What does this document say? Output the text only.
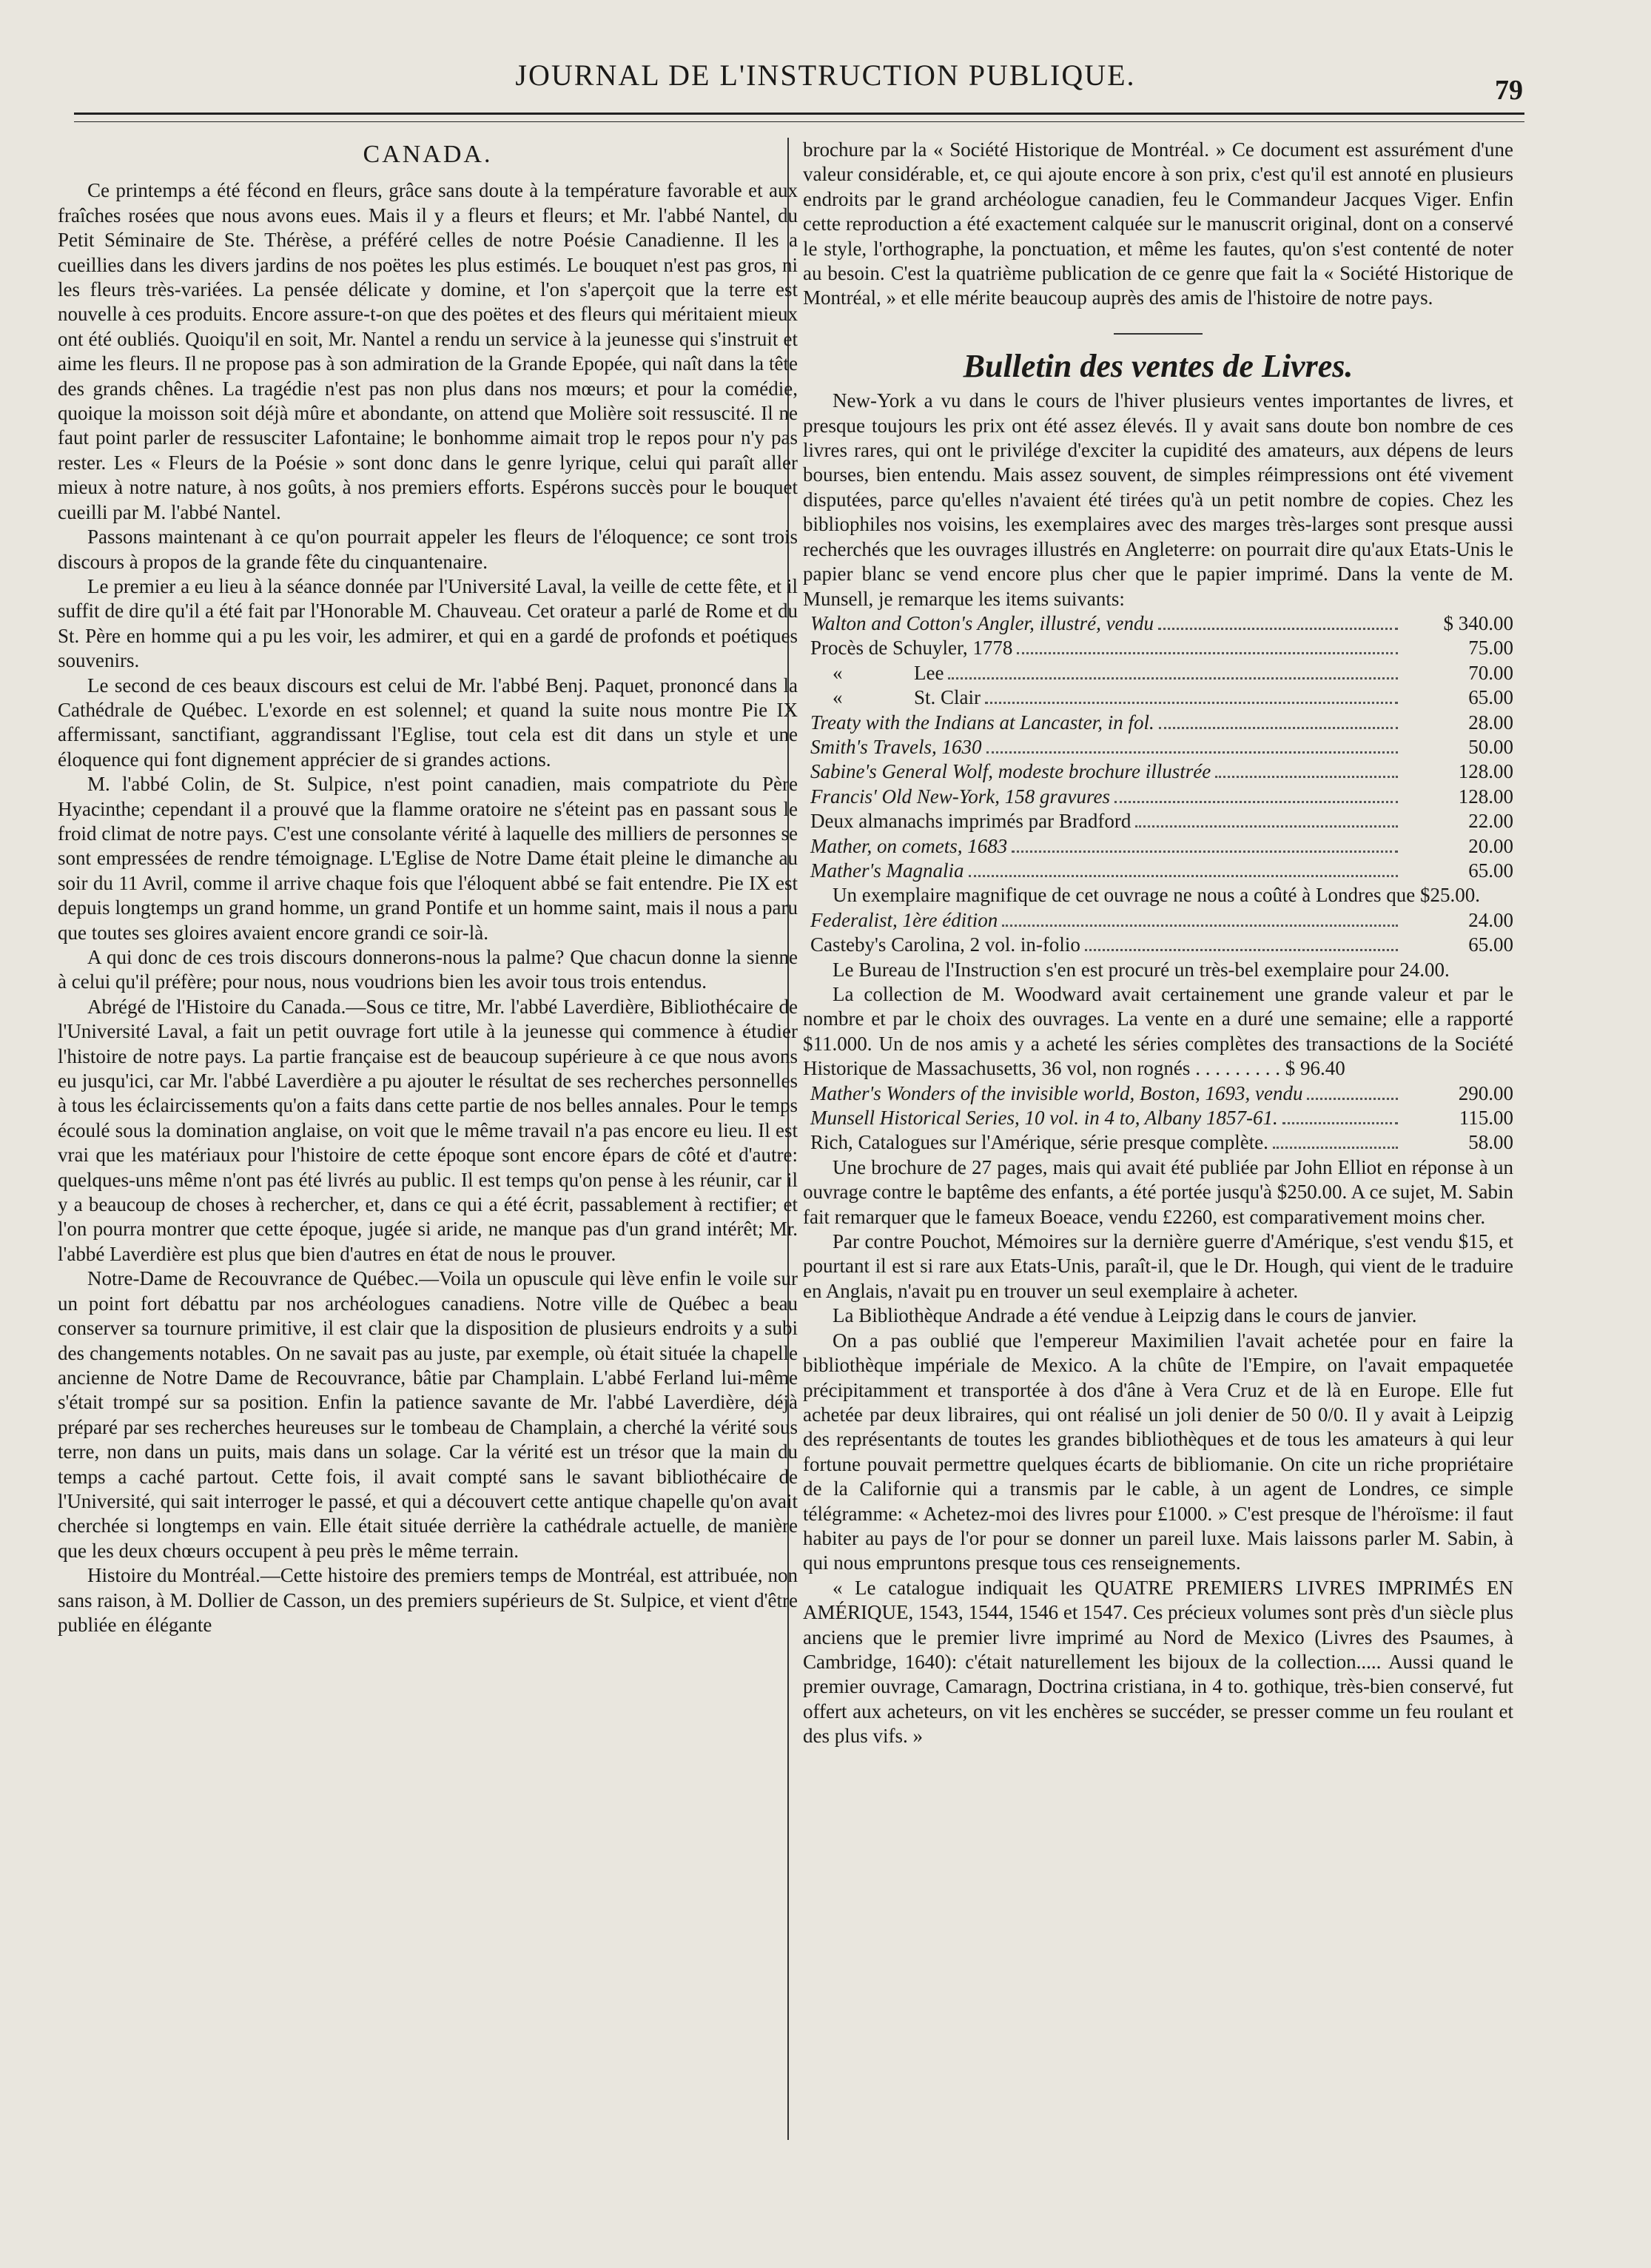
JOURNAL DE L'INSTRUCTION PUBLIQUE.	79
CANADA.

Ce printemps a été fécond en fleurs, grâce sans doute à la température favorable et aux fraîches rosées que nous avons eues. Mais il y a fleurs et fleurs; et Mr. l'abbé Nantel, du Petit Séminaire de Ste. Thérèse, a préféré celles de notre Poésie Canadienne. Il les a cueillies dans les divers jardins de nos poëtes les plus estimés. Le bouquet n'est pas gros, ni les fleurs très-variées. La pensée délicate y domine, et l'on s'aperçoit que la terre est nouvelle à ces produits. Encore assure-t-on que des poëtes et des fleurs qui méritaient mieux ont été oubliés. Quoiqu'il en soit, Mr. Nantel a rendu un service à la jeunesse qui s'instruit et aime les fleurs. Il ne propose pas à son admiration de la Grande Epopée, qui naît dans la tête des grands chênes. La tragédie n'est pas non plus dans nos mœurs; et pour la comédie, quoique la moisson soit déjà mûre et abondante, on attend que Molière soit ressuscité. Il ne faut point parler de ressusciter Lafontaine; le bonhomme aimait trop le repos pour n'y pas rester. Les « Fleurs de la Poésie » sont donc dans le genre lyrique, celui qui paraît aller mieux à notre nature, à nos goûts, à nos premiers efforts. Espérons succès pour le bouquet cueilli par M. l'abbé Nantel.

Passons maintenant à ce qu'on pourrait appeler les fleurs de l'éloquence; ce sont trois discours à propos de la grande fête du cinquantenaire.

Le premier a eu lieu à la séance donnée par l'Université Laval, la veille de cette fête, et il suffit de dire qu'il a été fait par l'Honorable M. Chauveau. Cet orateur a parlé de Rome et du St. Père en homme qui a pu les voir, les admirer, et qui en a gardé de profonds et poétiques souvenirs.

Le second de ces beaux discours est celui de Mr. l'abbé Benj. Paquet, prononcé dans la Cathédrale de Québec. L'exorde en est solennel; et quand la suite nous montre Pie IX affermissant, sanctifiant, aggrandissant l'Eglise, tout cela est dit dans un style et une éloquence qui font dignement apprécier de si grandes actions.

M. l'abbé Colin, de St. Sulpice, n'est point canadien, mais compatriote du Père Hyacinthe; cependant il a prouvé que la flamme oratoire ne s'éteint pas en passant sous le froid climat de notre pays. C'est une consolante vérité à laquelle des milliers de personnes se sont empressées de rendre témoignage. L'Eglise de Notre Dame était pleine le dimanche au soir du 11 Avril, comme il arrive chaque fois que l'éloquent abbé se fait entendre. Pie IX est depuis longtemps un grand homme, un grand Pontife et un homme saint, mais il nous a paru que toutes ses gloires avaient encore grandi ce soir-là.

A qui donc de ces trois discours donnerons-nous la palme? Que chacun donne la sienne à celui qu'il préfère; pour nous, nous voudrions bien les avoir tous trois entendus.

Abrégé de l'Histoire du Canada.—Sous ce titre, Mr. l'abbé Laverdière, Bibliothécaire de l'Université Laval, a fait un petit ouvrage fort utile à la jeunesse qui commence à étudier l'histoire de notre pays. La partie française est de beaucoup supérieure à ce que nous avons eu jusqu'ici, car Mr. l'abbé Laverdière a pu ajouter le résultat de ses recherches personnelles à tous les éclaircissements qu'on a faits dans cette partie de nos belles annales. Pour le temps écoulé sous la domination anglaise, on voit que le même travail n'a pas encore eu lieu. Il est vrai que les matériaux pour l'histoire de cette époque sont encore épars de côté et d'autre: quelques-uns même n'ont pas été livrés au public. Il est temps qu'on pense à les réunir, car il y a beaucoup de choses à rechercher, et, dans ce qui a été écrit, passablement à rectifier; et l'on pourra montrer que cette époque, jugée si aride, ne manque pas d'un grand intérêt; Mr. l'abbé Laverdière est plus que bien d'autres en état de nous le prouver.

Notre-Dame de Recouvrance de Québec.—Voila un opuscule qui lève enfin le voile sur un point fort débattu par nos archéologues canadiens. Notre ville de Québec a beau conserver sa tournure primitive, il est clair que la disposition de plusieurs endroits y a subi des changements notables. On ne savait pas au juste, par exemple, où était située la chapelle ancienne de Notre Dame de Recouvrance, bâtie par Champlain. L'abbé Ferland lui-même s'était trompé sur sa position. Enfin la patience savante de Mr. l'abbé Laverdière, déjà préparé par ses recherches heureuses sur le tombeau de Champlain, a cherché la vérité sous terre, non dans un puits, mais dans un solage. Car la vérité est un trésor que la main du temps a caché partout. Cette fois, il avait compté sans le savant bibliothécaire de l'Université, qui sait interroger le passé, et qui a découvert cette antique chapelle qu'on avait cherchée si longtemps en vain. Elle était située derrière la cathédrale actuelle, de manière que les deux chœurs occupent à peu près le même terrain.

Histoire du Montréal.—Cette histoire des premiers temps de Montréal, est attribuée, non sans raison, à M. Dollier de Casson, un des premiers supérieurs de St. Sulpice, et vient d'être publiée en élégante

brochure par la « Société Historique de Montréal. » Ce document est assurément d'une valeur considérable, et, ce qui ajoute encore à son prix, c'est qu'il est annoté en plusieurs endroits par le grand archéologue canadien, feu le Commandeur Jacques Viger. Enfin cette reproduction a été exactement calquée sur le manuscrit original, dont on a conservé le style, l'orthographe, la ponctuation, et même les fautes, qu'on s'est contenté de noter au besoin. C'est la quatrième publication de ce genre que fait la « Société Historique de Montréal, » et elle mérite beaucoup auprès des amis de l'histoire de notre pays.

Bulletin des ventes de Livres.

New-York a vu dans le cours de l'hiver plusieurs ventes importantes de livres, et presque toujours les prix ont été assez élevés. Il y avait sans doute bon nombre de ces livres rares, qui ont le privilége d'exciter la cupidité des amateurs, aux dépens de leurs bourses, bien entendu. Mais assez souvent, de simples réimpressions ont été vivement disputées, parce qu'elles n'avaient été tirées qu'à un petit nombre de copies. Chez les bibliophiles nos voisins, les exemplaires avec des marges très-larges sont presque aussi recherchés que les ouvrages illustrés en Angleterre: on pourrait dire qu'aux Etats-Unis le papier blanc se vend encore plus cher que le papier imprimé. Dans la vente de M. Munsell, je remarque les items suivants:

Walton and Cotton's Angler, illustré, vendu	$ 340.00
Procès de Schuyler, 1778	75.00
«	Lee	70.00
«	St. Clair	65.00
Treaty with the Indians at Lancaster, in fol.	28.00
Smith's Travels, 1630	50.00
Sabine's General Wolf, modeste brochure illustrée	128.00
Francis' Old New-York, 158 gravures	128.00
Deux almanachs imprimés par Bradford	22.00
Mather, on comets, 1683	20.00
Mather's Magnalia	65.00

Un exemplaire magnifique de cet ouvrage ne nous a coûté à Londres que $25.00.

Federalist, 1ère édition	24.00
Casteby's Carolina, 2 vol. in-folio	65.00

Le Bureau de l'Instruction s'en est procuré un très-bel exemplaire pour 24.00.

La collection de M. Woodward avait certainement une grande valeur et par le nombre et par le choix des ouvrages. La vente en a duré une semaine; elle a rapporté $11.000. Un de nos amis y a acheté les séries complètes des transactions de la Société Historique de Massachusetts, 36 vol, non rognés . . . . . . . . . $ 96.40

Mather's Wonders of the invisible world, Boston, 1693, vendu	290.00
Munsell Historical Series, 10 vol. in 4 to, Albany 1857-61.	115.00
Rich, Catalogues sur l'Amérique, série presque complète.	58.00

Une brochure de 27 pages, mais qui avait été publiée par John Elliot en réponse à un ouvrage contre le baptême des enfants, a été portée jusqu'à $250.00. A ce sujet, M. Sabin fait remarquer que le fameux Boeace, vendu £2260, est comparativement moins cher.

Par contre Pouchot, Mémoires sur la dernière guerre d'Amérique, s'est vendu $15, et pourtant il est si rare aux Etats-Unis, paraît-il, que le Dr. Hough, qui vient de le traduire en Anglais, n'avait pu en trouver un seul exemplaire à acheter.

La Bibliothèque Andrade a été vendue à Leipzig dans le cours de janvier.

On a pas oublié que l'empereur Maximilien l'avait achetée pour en faire la bibliothèque impériale de Mexico. A la chûte de l'Empire, on l'avait empaquetée précipitamment et transportée à dos d'âne à Vera Cruz et de là en Europe. Elle fut achetée par deux libraires, qui ont réalisé un joli denier de 50 0/0. Il y avait à Leipzig des représentants de toutes les grandes bibliothèques et de tous les amateurs à qui leur fortune pouvait permettre quelques écarts de bibliomanie. On cite un riche propriétaire de la Californie qui a transmis par le cable, à un agent de Londres, ce simple télégramme: « Achetez-moi des livres pour £1000. » C'est presque de l'héroïsme: il faut habiter au pays de l'or pour se donner un pareil luxe. Mais laissons parler M. Sabin, à qui nous empruntons presque tous ces renseignements.

« Le catalogue indiquait les QUATRE PREMIERS LIVRES IMPRIMÉS EN AMÉRIQUE, 1543, 1544, 1546 et 1547. Ces précieux volumes sont près d'un siècle plus anciens que le premier livre imprimé au Nord de Mexico (Livres des Psaumes, à Cambridge, 1640): c'était naturellement les bijoux de la collection..... Aussi quand le premier ouvrage, Camaragn, Doctrina cristiana, in 4 to. gothique, très-bien conservé, fut offert aux acheteurs, on vit les enchères se succéder, se presser comme un feu roulant et des plus vifs. »
